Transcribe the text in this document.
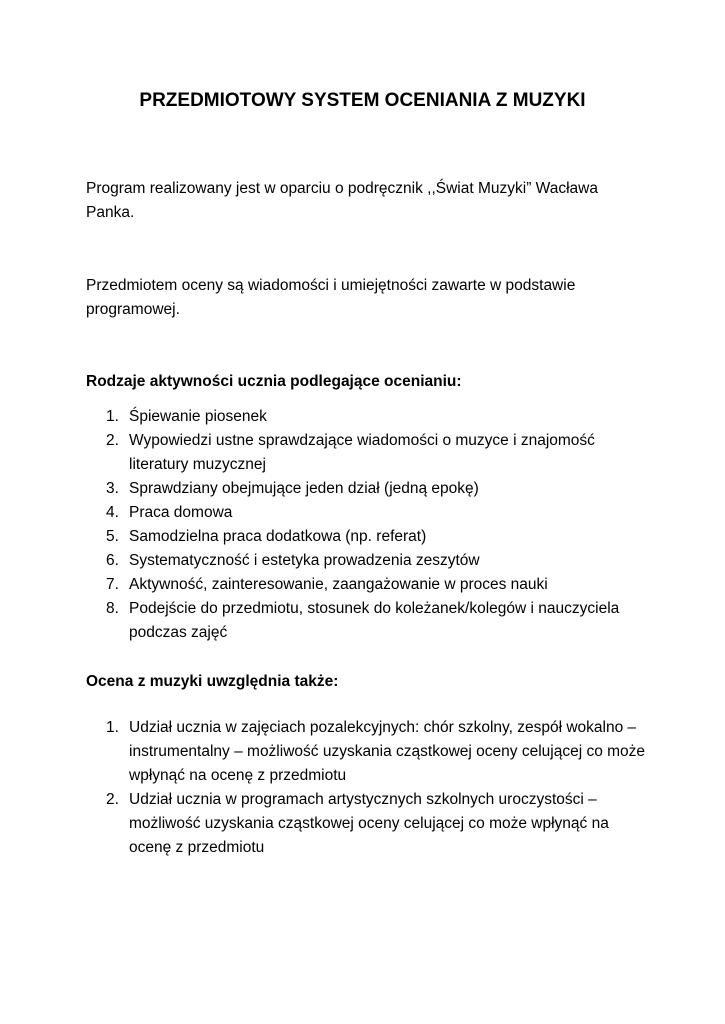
PRZEDMIOTOWY SYSTEM OCENIANIA Z MUZYKI

Program realizowany jest w oparciu o podręcznik ,,Świat Muzyki” Wacława Panka.

Przedmiotem oceny są wiadomości i umiejętności zawarte w podstawie programowej.

Rodzaje aktywności ucznia podlegające ocenianiu:

1. Śpiewanie piosenek
2. Wypowiedzi ustne sprawdzające wiadomości o muzyce i znajomość literatury muzycznej
3. Sprawdziany obejmujące jeden dział (jedną epokę)
4. Praca domowa
5. Samodzielna praca dodatkowa (np. referat)
6. Systematyczność i estetyka prowadzenia zeszytów
7. Aktywność, zainteresowanie, zaangażowanie w proces nauki
8. Podejście do przedmiotu, stosunek do koleżanek/kolegów i nauczyciela podczas zajęć

Ocena z muzyki uwzględnia także:

1. Udział ucznia w zajęciach pozalekcyjnych: chór szkolny, zespół wokalno – instrumentalny – możliwość uzyskania cząstkowej oceny celującej co może wpłynąć na ocenę z przedmiotu
2. Udział ucznia w programach artystycznych szkolnych uroczystości – możliwość uzyskania cząstkowej oceny celującej co może wpłynąć na ocenę z przedmiotu
